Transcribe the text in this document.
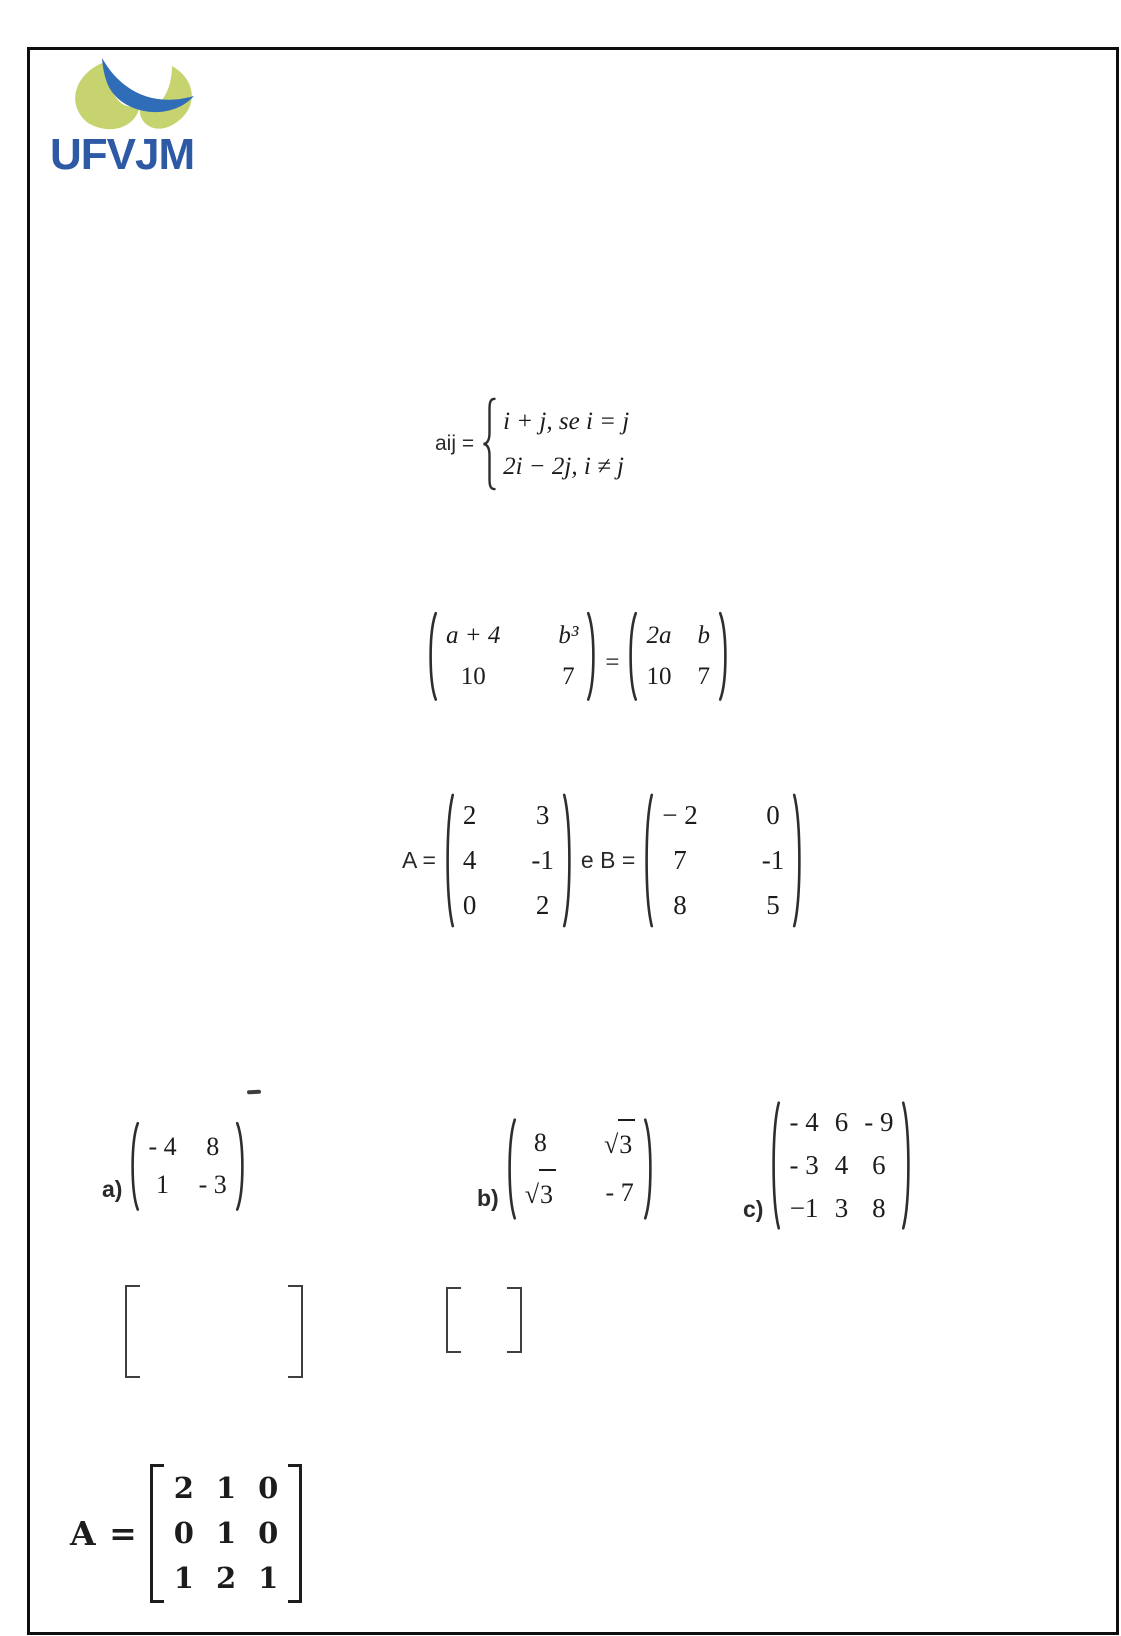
UFVJM
aij =
i + j, se i = j
2i − 2j, i ≠ j
a + 4 b³
10	7
=
2a b
10 7
A =
2 3
4 -1
0 2
e B =
− 2	0
7	-1
8	5
a)
- 4 8
1 - 3	b)
8 √ 3
√ 3 - 7
c)
- 4 6 - 9
- 3 4 6
−1 3 8
A =
2 1 0
0 1 0
1 2 1
